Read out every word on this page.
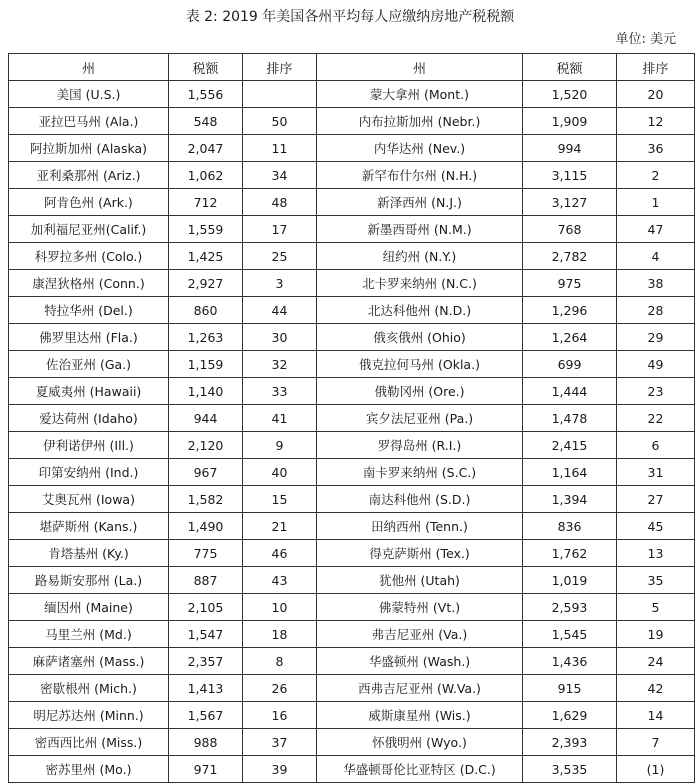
表 2: 2019 年美国各州平均每人应缴纳房地产税税额
单位: 美元
州	税额	排序	州	税额	排序
美国 (U.S.)	1,556		蒙大拿州 (Mont.)	1,520	20
亚拉巴马州 (Ala.)	548	50	内布拉斯加州 (Nebr.)	1,909	12
阿拉斯加州 (Alaska)	2,047	11	内华达州 (Nev.)	994	36
亚利桑那州 (Ariz.)	1,062	34	新罕布什尔州 (N.H.)	3,115	2
阿肯色州 (Ark.)	712	48	新泽西州 (N.J.)	3,127	1
加利福尼亚州(Calif.)	1,559	17	新墨西哥州 (N.M.)	768	47
科罗拉多州 (Colo.)	1,425	25	纽约州 (N.Y.)	2,782	4
康涅狄格州 (Conn.)	2,927	3	北卡罗来纳州 (N.C.)	975	38
特拉华州 (Del.)	860	44	北达科他州 (N.D.)	1,296	28
佛罗里达州 (Fla.)	1,263	30	俄亥俄州 (Ohio)	1,264	29
佐治亚州 (Ga.)	1,159	32	俄克拉何马州 (Okla.)	699	49
夏威夷州 (Hawaii)	1,140	33	俄勒冈州 (Ore.)	1,444	23
爱达荷州 (Idaho)	944	41	宾夕法尼亚州 (Pa.)	1,478	22
伊利诺伊州 (Ill.)	2,120	9	罗得岛州 (R.I.)	2,415	6
印第安纳州 (Ind.)	967	40	南卡罗来纳州 (S.C.)	1,164	31
艾奥瓦州 (Iowa)	1,582	15	南达科他州 (S.D.)	1,394	27
堪萨斯州 (Kans.)	1,490	21	田纳西州 (Tenn.)	836	45
肯塔基州 (Ky.)	775	46	得克萨斯州 (Tex.)	1,762	13
路易斯安那州 (La.)	887	43	犹他州 (Utah)	1,019	35
缅因州 (Maine)	2,105	10	佛蒙特州 (Vt.)	2,593	5
马里兰州 (Md.)	1,547	18	弗吉尼亚州 (Va.)	1,545	19
麻萨诸塞州 (Mass.)	2,357	8	华盛顿州 (Wash.)	1,436	24
密歇根州 (Mich.)	1,413	26	西弗吉尼亚州 (W.Va.)	915	42
明尼苏达州 (Minn.)	1,567	16	威斯康星州 (Wis.)	1,629	14
密西西比州 (Miss.)	988	37	怀俄明州 (Wyo.)	2,393	7
密苏里州 (Mo.)	971	39	华盛顿哥伦比亚特区 (D.C.)	3,535	(1)
